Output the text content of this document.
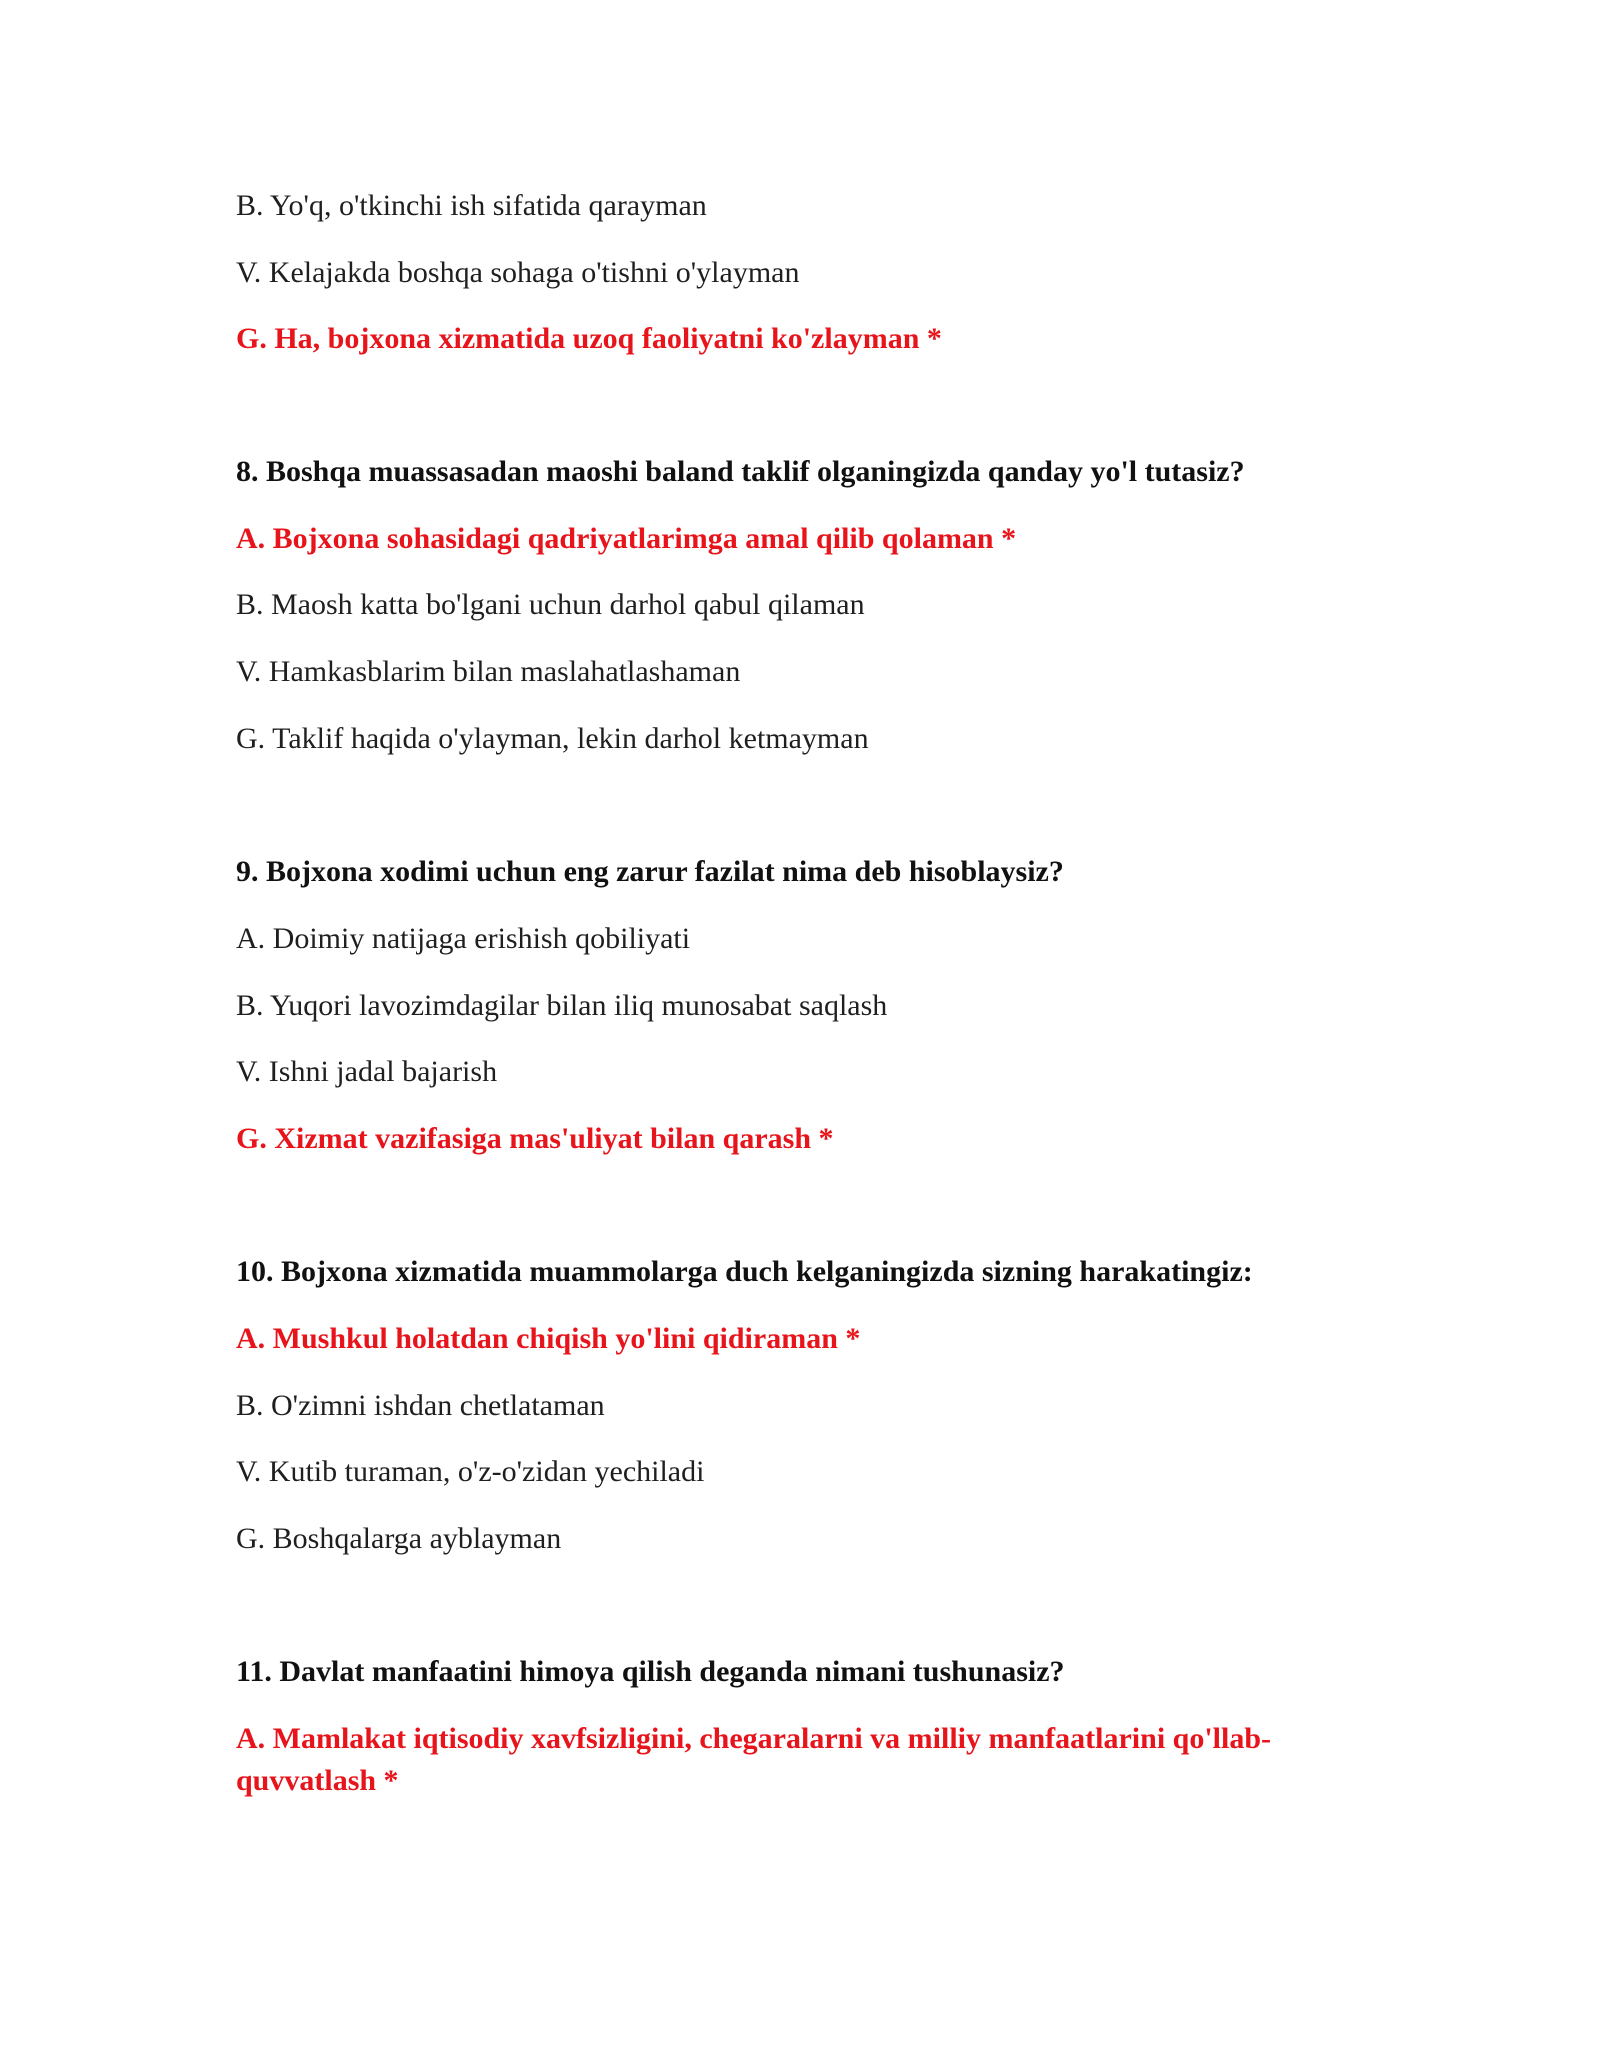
B. Yo'q, o'tkinchi ish sifatida qarayman
V. Kelajakda boshqa sohaga o'tishni o'ylayman
G. Ha, bojxona xizmatida uzoq faoliyatni ko'zlayman *
8. Boshqa muassasadan maoshi baland taklif olganingizda qanday yo'l tutasiz?
A. Bojxona sohasidagi qadriyatlarimga amal qilib qolaman *
B. Maosh katta bo'lgani uchun darhol qabul qilaman
V. Hamkasblarim bilan maslahatlashaman
G. Taklif haqida o'ylayman, lekin darhol ketmayman
9. Bojxona xodimi uchun eng zarur fazilat nima deb hisoblaysiz?
A. Doimiy natijaga erishish qobiliyati
B. Yuqori lavozimdagilar bilan iliq munosabat saqlash
V. Ishni jadal bajarish
G. Xizmat vazifasiga mas'uliyat bilan qarash *
10. Bojxona xizmatida muammolarga duch kelganingizda sizning harakatingiz:
A. Mushkul holatdan chiqish yo'lini qidiraman *
B. O'zimni ishdan chetlataman
V. Kutib turaman, o'z-o'zidan yechiladi
G. Boshqalarga ayblayman
11. Davlat manfaatini himoya qilish deganda nimani tushunasiz?
A. Mamlakat iqtisodiy xavfsizligini, chegaralarni va milliy manfaatlarini qo'llab-quvvatlash *
